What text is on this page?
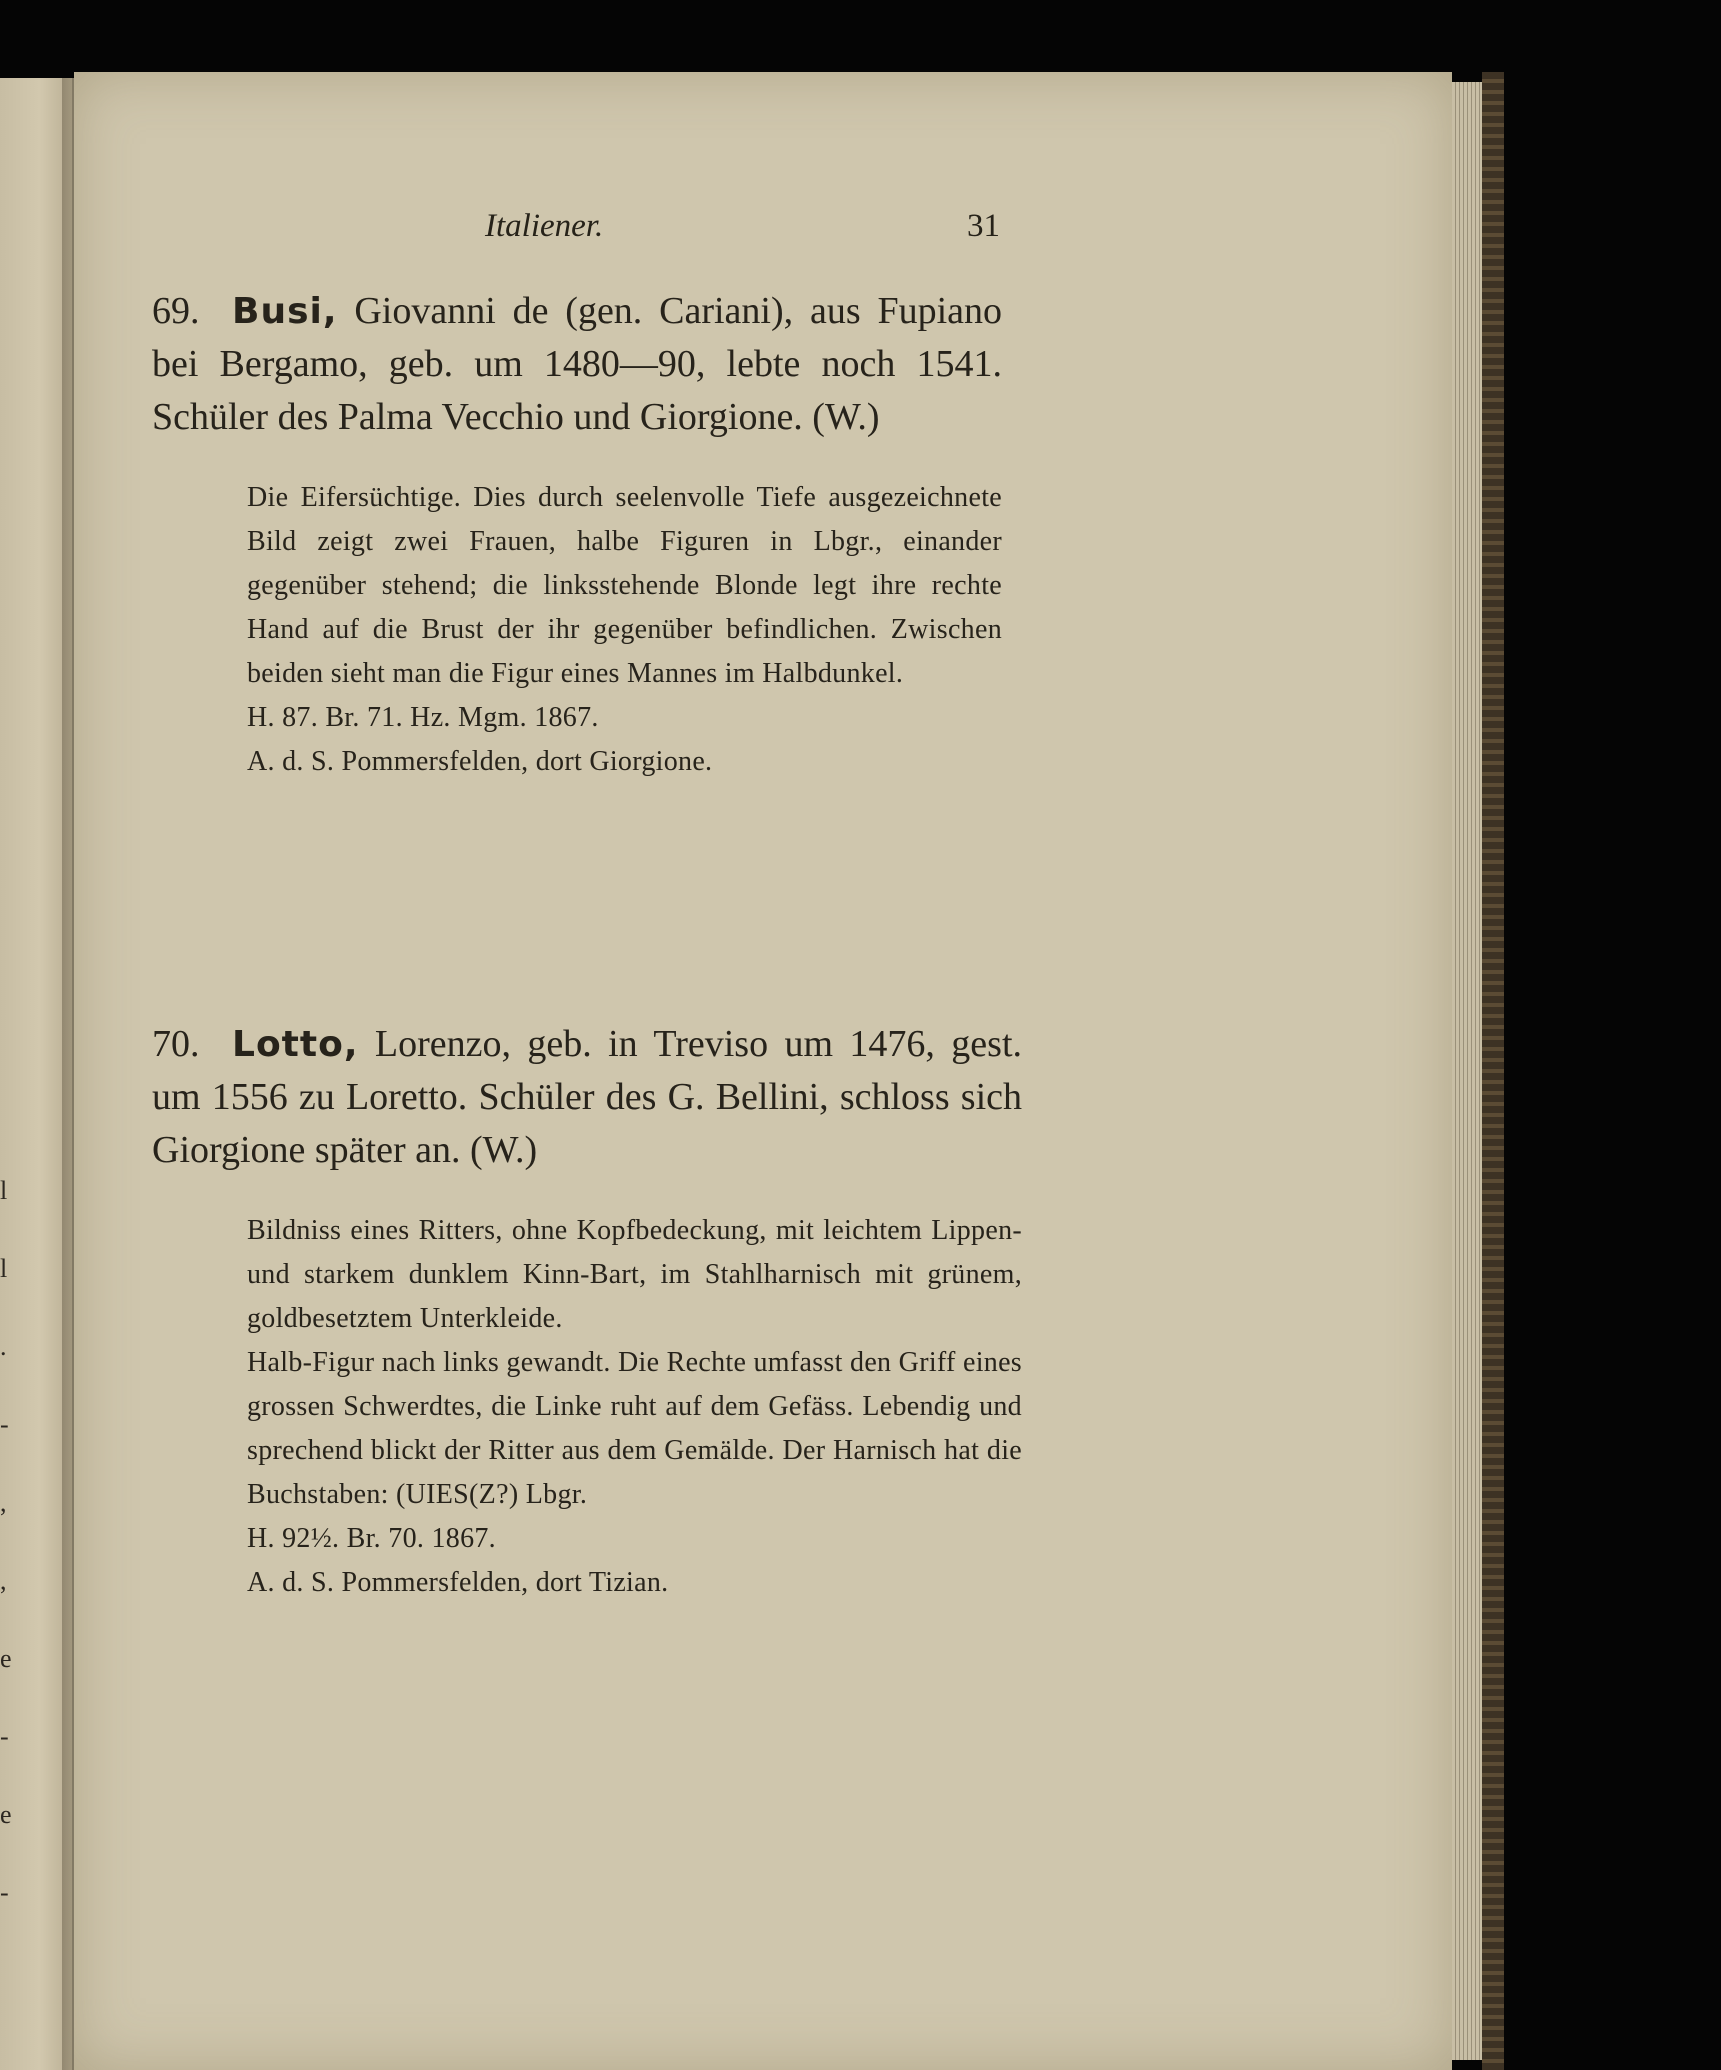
l
l
.
-
,
,
e
-
e
-
Italiener.	31

69. Busi, Giovanni de (gen. Cariani), aus Fupiano bei Bergamo, geb. um 1480—90, lebte noch 1541. Schüler des Palma Vecchio und Giorgione. (W.)

Die Eifersüchtige. Dies durch seelenvolle Tiefe ausgezeichnete Bild zeigt zwei Frauen, halbe Figuren in Lbgr., einander gegenüber stehend; die linksstehende Blonde legt ihre rechte Hand auf die Brust der ihr gegenüber befindlichen. Zwischen beiden sieht man die Figur eines Mannes im Halbdunkel.

H. 87. Br. 71. Hz. Mgm. 1867.

A. d. S. Pommersfelden, dort Giorgione.

70. Lotto, Lorenzo, geb. in Treviso um 1476, gest. um 1556 zu Loretto. Schüler des G. Bellini, schloss sich Giorgione später an. (W.)

Bildniss eines Ritters, ohne Kopfbedeckung, mit leichtem Lippen- und starkem dunklem Kinn-Bart, im Stahlharnisch mit grünem, goldbesetztem Unterkleide.

Halb-Figur nach links gewandt. Die Rechte umfasst den Griff eines grossen Schwerdtes, die Linke ruht auf dem Gefäss. Lebendig und sprechend blickt der Ritter aus dem Gemälde. Der Harnisch hat die Buchstaben: (UIES(Z?) Lbgr.

H. 92½. Br. 70. 1867.

A. d. S. Pommersfelden, dort Tizian.
